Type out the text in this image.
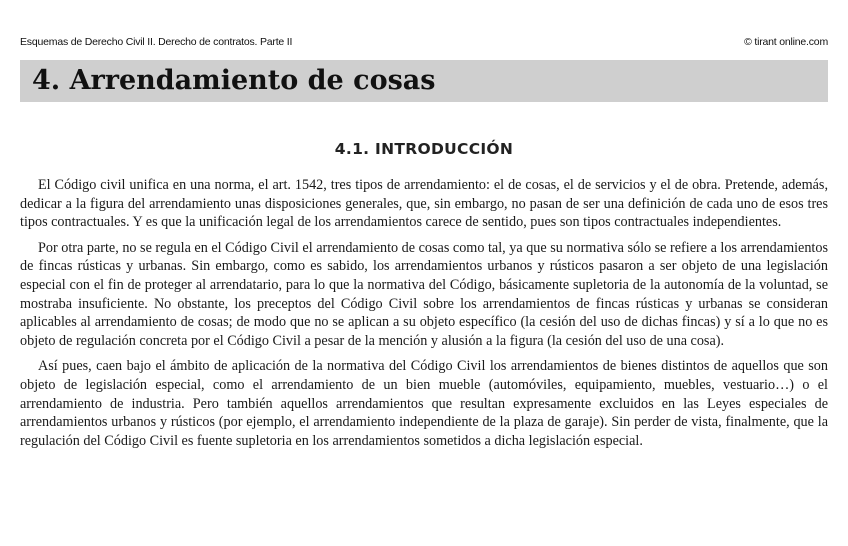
Esquemas de Derecho Civil II. Derecho de contratos. Parte II	© tirant online.com
4. Arrendamiento de cosas
4.1. INTRODUCCIÓN

El Código civil unifica en una norma, el art. 1542, tres tipos de arrendamiento: el de cosas, el de servicios y el de obra. Pretende, además, dedicar a la figura del arrendamiento unas disposiciones generales, que, sin embargo, no pasan de ser una definición de cada uno de esos tres tipos contractuales. Y es que la unificación legal de los arrendamientos carece de sentido, pues son tipos contractuales independientes.

Por otra parte, no se regula en el Código Civil el arrendamiento de cosas como tal, ya que su normativa sólo se refiere a los arrendamientos de fincas rústicas y urbanas. Sin embargo, como es sabido, los arrendamientos urbanos y rústicos pasaron a ser objeto de una legislación especial con el fin de proteger al arrendatario, para lo que la normativa del Código, básicamente supletoria de la autonomía de la voluntad, se mostraba insuficiente. No obstante, los preceptos del Código Civil sobre los arrendamientos de fincas rústicas y urbanas se consideran aplicables al arrendamiento de cosas; de modo que no se aplican a su objeto específico (la cesión del uso de dichas fincas) y sí a lo que no es objeto de regulación concreta por el Código Civil a pesar de la mención y alusión a la figura (la cesión del uso de una cosa).

Así pues, caen bajo el ámbito de aplicación de la normativa del Código Civil los arrendamientos de bienes distintos de aquellos que son objeto de legislación especial, como el arrendamiento de un bien mueble (automóviles, equipamiento, muebles, vestuario…) o el arrendamiento de industria. Pero también aquellos arrendamientos que resultan expresamente excluidos en las Leyes especiales de arrendamientos urbanos y rústicos (por ejemplo, el arrendamiento independiente de la plaza de garaje). Sin perder de vista, finalmente, que la regulación del Código Civil es fuente supletoria en los arrendamientos sometidos a dicha legislación especial.
